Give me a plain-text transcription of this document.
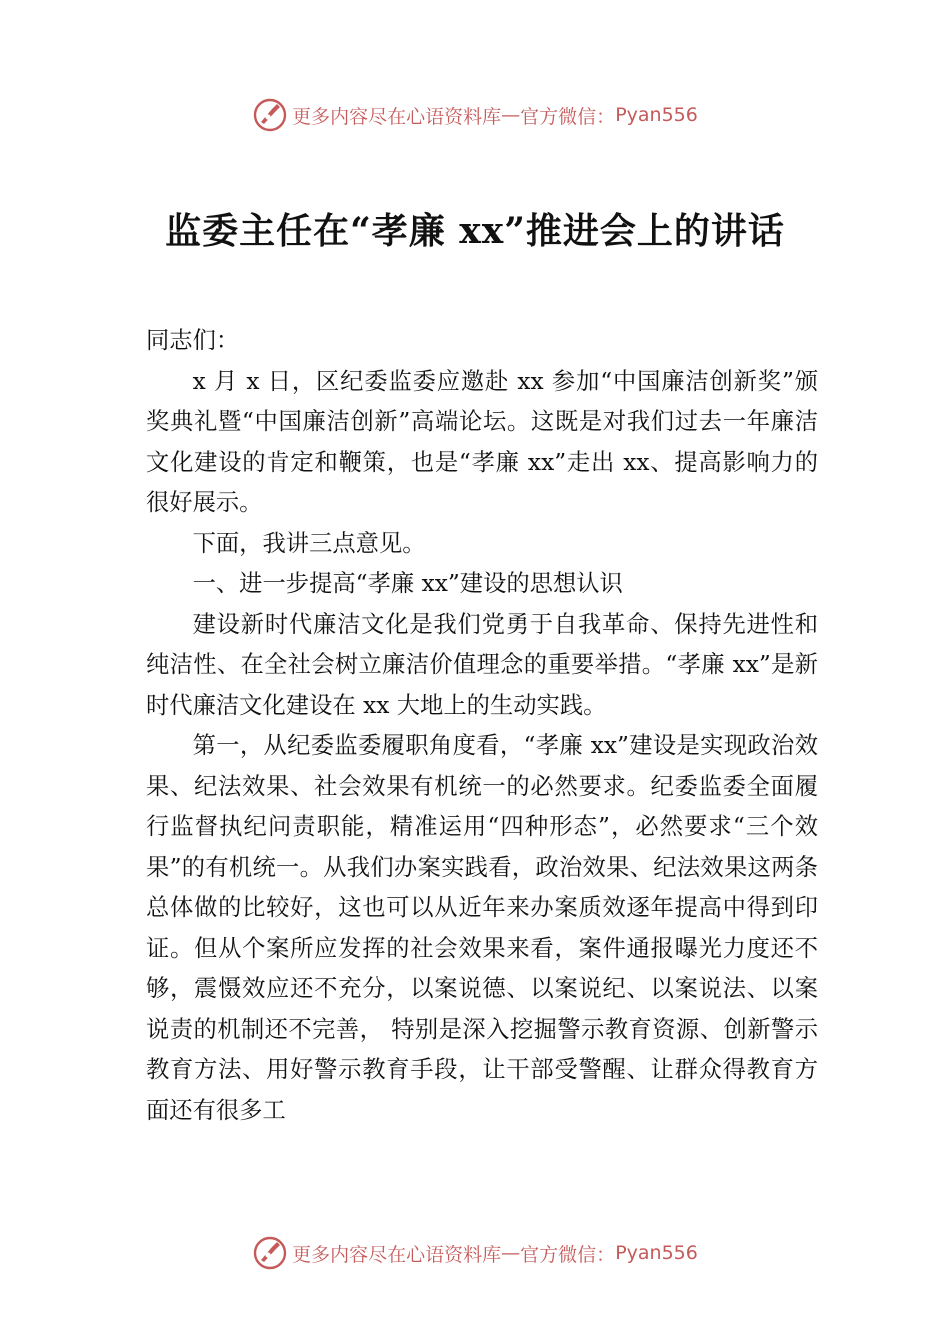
更多内容尽在心语资料库 — 官方微信： Pyan556
监委主任在“孝廉 xx”推进会上的讲话

同志们：

x 月 x 日，区纪委监委应邀赴 xx 参加“中国廉洁创新奖”颁奖典礼暨“中国廉洁创新”高端论坛。这既是对我们过去一年廉洁文化建设的肯定和鞭策，也是“孝廉 xx”走出 xx、提高影响力的很好展示。

下面，我讲三点意见。

一、进一步提高“孝廉 xx”建设的思想认识

建设新时代廉洁文化是我们党勇于自我革命、保持先进性和纯洁性、在全社会树立廉洁价值理念的重要举措。“孝廉 xx”是新时代廉洁文化建设在 xx 大地上的生动实践。

第一，从纪委监委履职角度看，“孝廉 xx”建设是实现政治效果、纪法效果、社会效果有机统一的必然要求。纪委监委全面履行监督执纪问责职能，精准运用“四种形态”，必然要求“三个效果”的有机统一。从我们办案实践看，政治效果、纪法效果这两条总体做的比较好，这也可以从近年来办案质效逐年提高中得到印证。但从个案所应发挥的社会效果来看，案件通报曝光力度还不够，震慑效应还不充分，以案说德、以案说纪、以案说法、以案说责的机制还不完善， 特别是深入挖掘警示教育资源、创新警示教育方法、用好警示教育手段，让干部受警醒、让群众得教育方面还有很多工

更多内容尽在心语资料库 — 官方微信： Pyan556
